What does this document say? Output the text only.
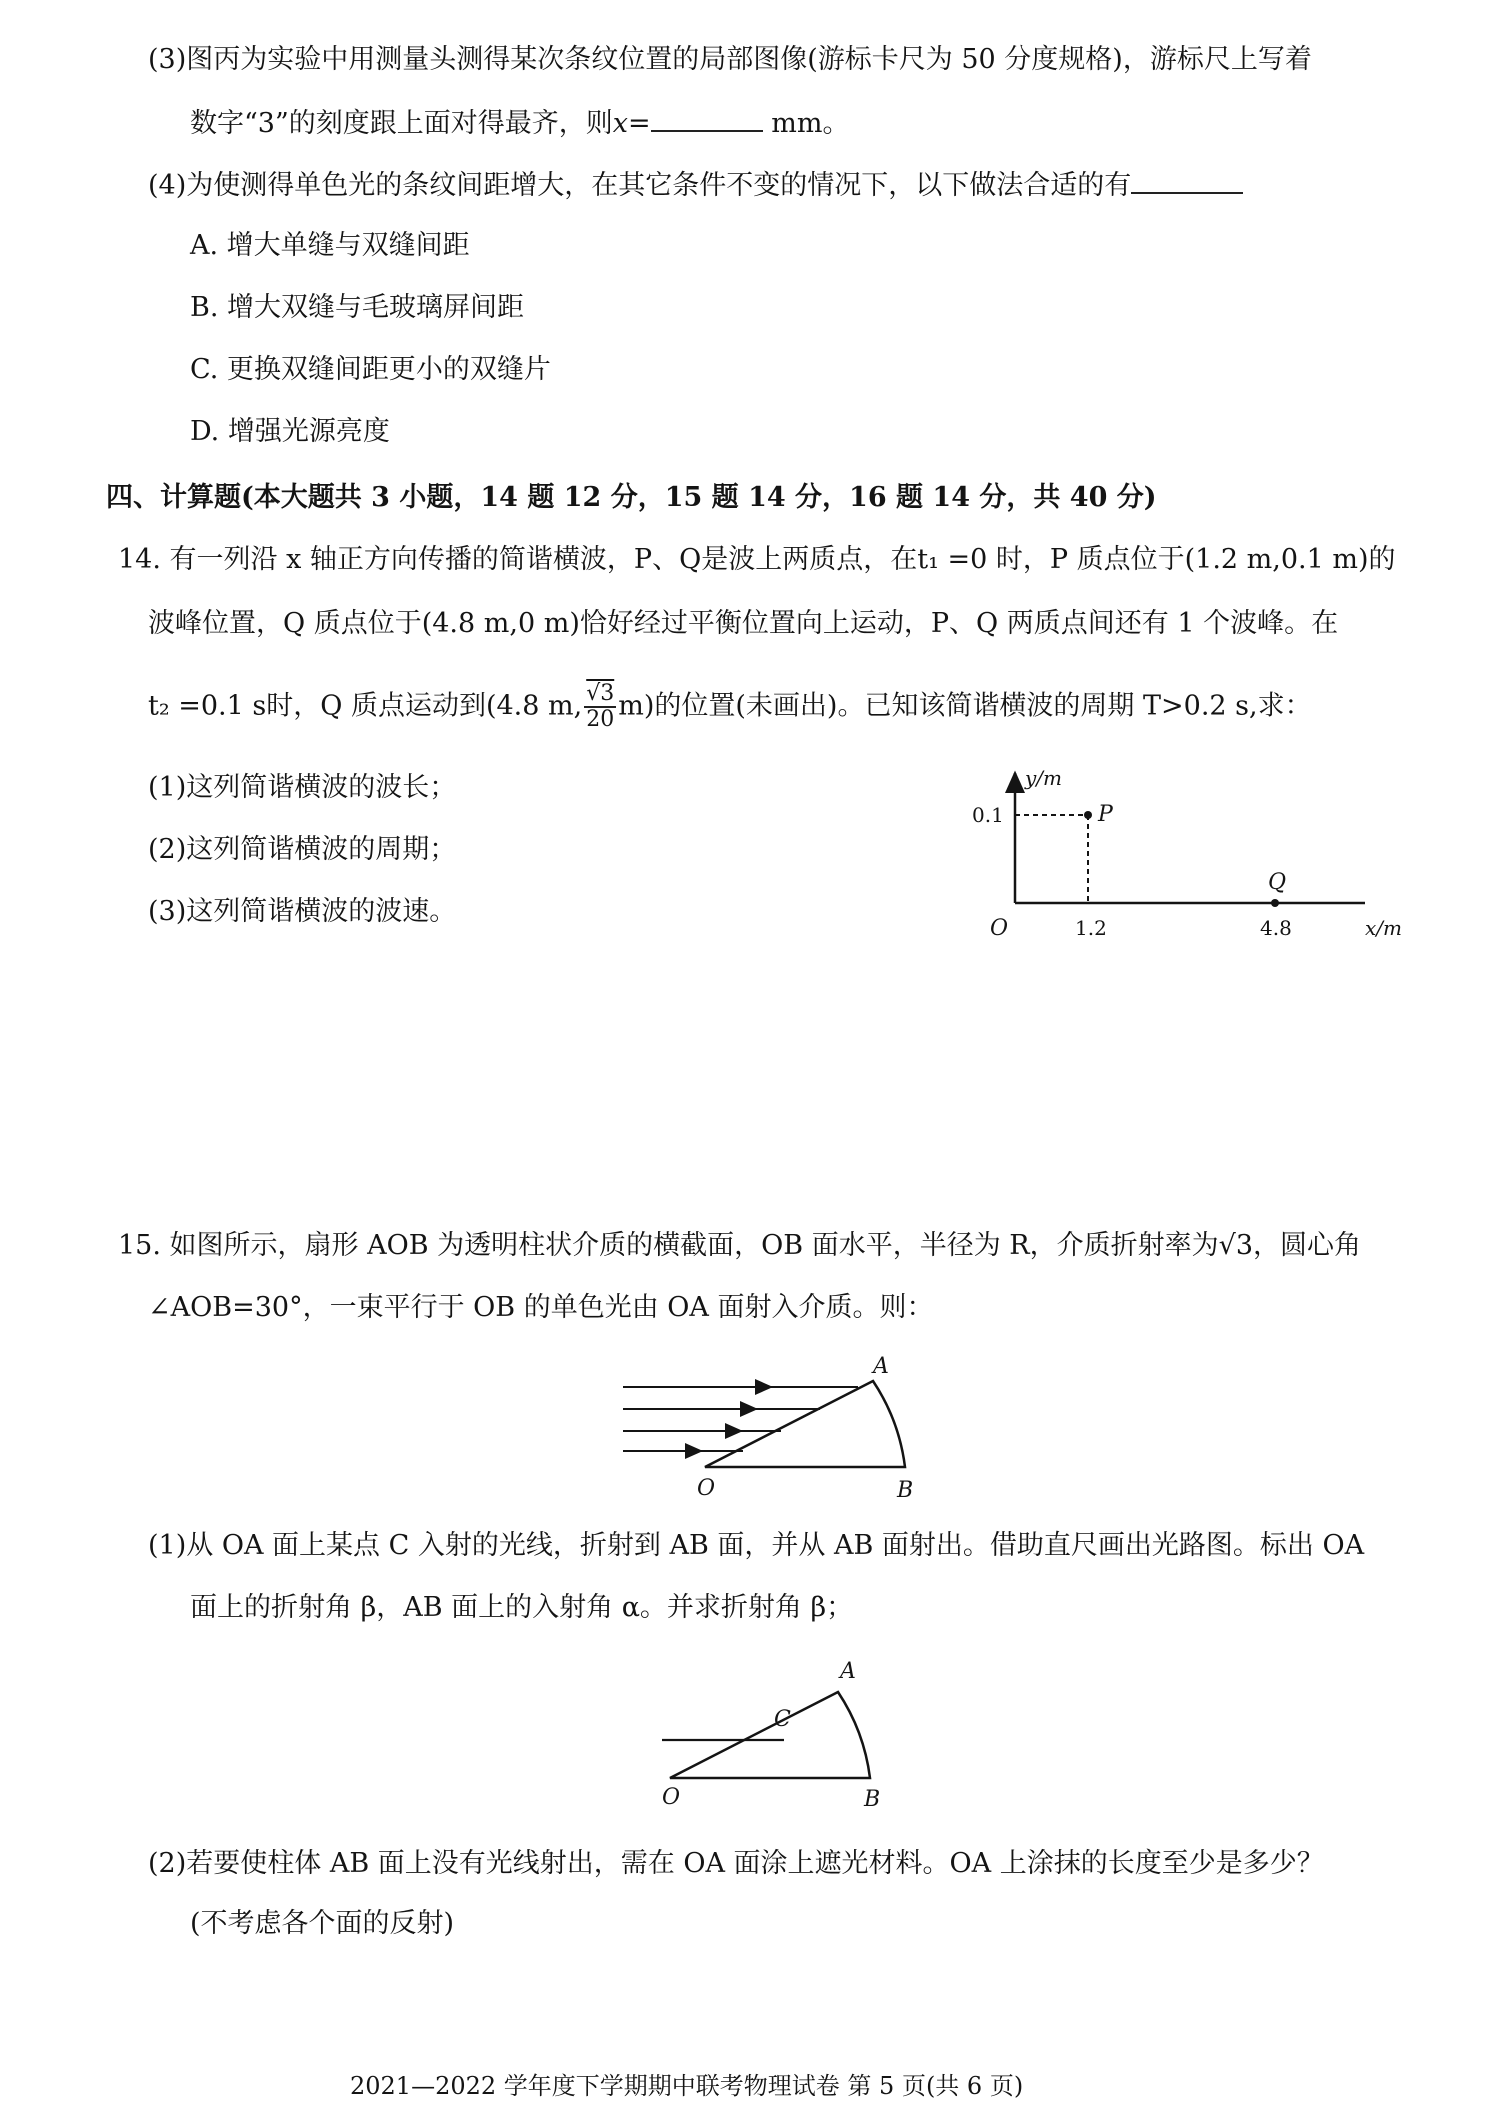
(3)图丙为实验中用测量头测得某次条纹位置的局部图像(游标卡尺为 50 分度规格)，游标尺上写着
数字“3”的刻度跟上面对得最齐，则x=	mm。
(4)为使测得单色光的条纹间距增大，在其它条件不变的情况下，以下做法合适的有
A. 增大单缝与双缝间距
B. 增大双缝与毛玻璃屏间距
C. 更换双缝间距更小的双缝片
D. 增强光源亮度
四、计算题(本大题共 3 小题，14 题 12 分，15 题 14 分，16 题 14 分，共 40 分)
14. 有一列沿 x 轴正方向传播的简谐横波，P、Q是波上两质点，在t₁ =0 时，P 质点位于(1.2 m,0.1 m)的
波峰位置，Q 质点位于(4.8 m,0 m)恰好经过平衡位置向上运动，P、Q 两质点间还有 1 个波峰。在
t₂ =0.1 s时，Q 质点运动到(4.8 m, $\frac{√3}{20} m$)的位置(未画出)。已知该简谐横波的周期 T>0.2 s,求：
(1)这列简谐横波的波长；
(2)这列简谐横波的周期；
(3)这列简谐横波的波速。
y/m
x/m
O
0.1
1.2	4.8
P
Q
15. 如图所示，扇形 AOB 为透明柱状介质的横截面，OB 面水平，半径为 R，介质折射率为√3，圆心角
∠AOB=30°，一束平行于 OB 的单色光由 OA 面射入介质。则：
A
O	B
(1)从 OA 面上某点 C 入射的光线，折射到 AB 面，并从 AB 面射出。借助直尺画出光路图。标出 OA
面上的折射角 β，AB 面上的入射角 α。并求折射角 β；
A
C
O	B
(2)若要使柱体 AB 面上没有光线射出，需在 OA 面涂上遮光材料。OA 上涂抹的长度至少是多少？
(不考虑各个面的反射)
2021—2022 学年度下学期期中联考物理试卷 第 5 页(共 6 页)
